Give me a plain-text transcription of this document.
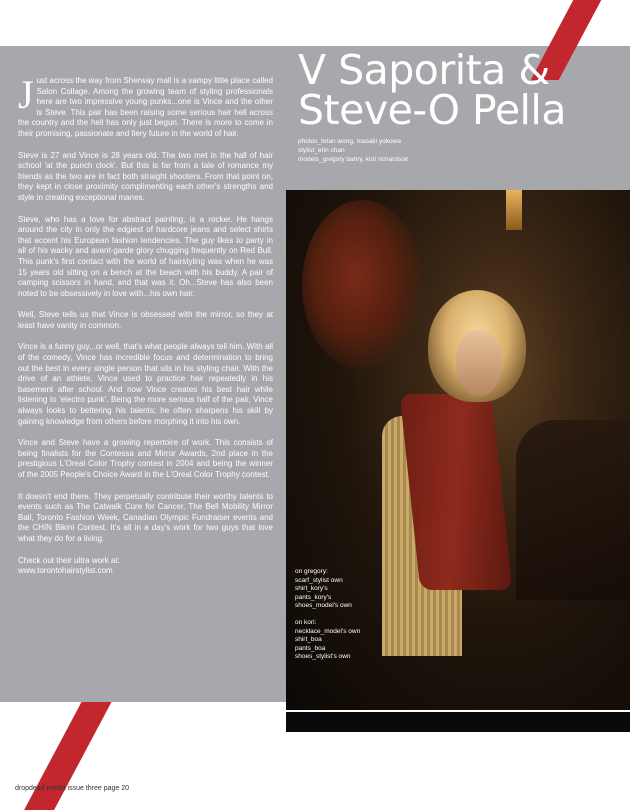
Just across the way from Sherway mall is a vampy little place called Salon Collage. Among the growing team of styling professionals here are two impressive young punks...one is Vince and the other is Steve. This pair has been raising some serious hair hell across the country and the hell has only just begun. There is more to come in their promising, passionate and fiery future in the world of hair.

Steve is 27 and Vince is 28 years old. The two met in the hall of hair school 'at the punch clock'. But this is far from a tale of romance my friends as the two are in fact both straight shooters. From that point on, they kept in close proximity complimenting each other's strengths and style in creating exceptional manes.

Steve, who has a love for abstract painting, is a rocker. He hangs around the city in only the edgiest of hardcore jeans and select shirts that accent his European fashion tendencies. The guy likes to party in all of his wacky and avant-garde glory chugging frequently on Red Bull. This punk's first contact with the world of hairstyling was when he was 15 years old sitting on a bench at the beach with his buddy. A pair of camping scissors in hand, and that was it. Oh...Steve has also been noted to be obsessively in love with...his own hair.

Well, Steve tells us that Vince is obsessed with the mirror, so they at least have vanity in common.

Vince is a funny guy...or well, that's what people always tell him. With all of the comedy, Vince has incredible focus and determination to bring out the best in every single person that sits in his styling chair. With the drive of an athlete, Vince used to practice hair repeatedly in his basement after school. And now Vince creates his best hair while listening to 'electro punk'. Being the more serious half of the pair, Vince always looks to bettering his talents; he often sharpens his skill by gaining knowledge from others before morphing it into his own.

Vince and Steve have a growing repertoire of work. This consists of being finalists for the Contessa and Mirror Awards, 2nd place in the prestigious L'Oreal Color Trophy contest in 2004 and being the winner of the 2005 People's Choice Award in the L'Oreal Color Trophy contest.

It doesn't end there. They perpetually contribute their worthy talents to events such as The Catwalk Cure for Cancer, The Bell Mobility Mirror Ball, Toronto Fashion Week, Canadian Olympic Fundraiser events and the CHIN Bikini Contest. It's all in a day's work for two guys that love what they do for a living.

Check out their ultra work at:

www.torontohairstylist.com

V Saporita &
Steve-O Pella
photos_brian wong, masaki yokowa
stylist_erin chan
models_gregory bahry, kori richardson
on gregory:
scarf_stylist own
shirt_kory's
pants_kory's
shoes_model's own
on kori:
necklace_model's own
shirt_boa
pants_boa
shoes_stylist's own
dropdead media issue three page 20
